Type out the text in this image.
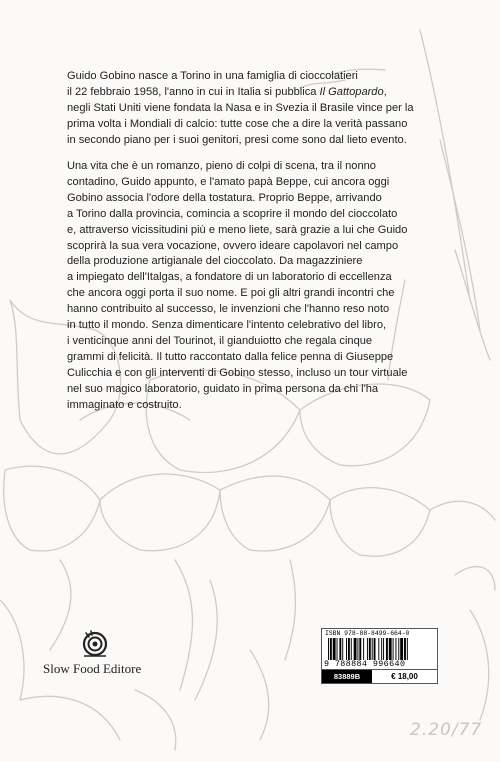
Guido Gobino nasce a Torino in una famiglia di cioccolatieri
il 22 febbraio 1958, l'anno in cui in Italia si pubblica Il Gattopardo,
negli Stati Uniti viene fondata la Nasa e in Svezia il Brasile vince per la
prima volta i Mondiali di calcio: tutte cose che a dire la verità passano
in secondo piano per i suoi genitori, presi come sono dal lieto evento.

Una vita che è un romanzo, pieno di colpi di scena, tra il nonno
contadino, Guido appunto, e l'amato papà Beppe, cui ancora oggi
Gobino associa l'odore della tostatura. Proprio Beppe, arrivando
a Torino dalla provincia, comincia a scoprire il mondo del cioccolato
e, attraverso vicissitudini più e meno liete, sarà grazie a lui che Guido
scoprirà la sua vera vocazione, ovvero ideare capolavori nel campo
della produzione artigianale del cioccolato. Da magazziniere
a impiegato dell'Italgas, a fondatore di un laboratorio di eccellenza
che ancora oggi porta il suo nome. E poi gli altri grandi incontri che
hanno contribuito al successo, le invenzioni che l'hanno reso noto
in tutto il mondo. Senza dimenticare l'intento celebrativo del libro,
i venticinque anni del Tourinot, il gianduiotto che regala cinque
grammi di felicità. Il tutto raccontato dalla felice penna di Giuseppe
Culicchia e con gli interventi di Gobino stesso, incluso un tour virtuale
nel suo magico laboratorio, guidato in prima persona da chi l'ha
immaginato e costruito.

Slow Food Editore
ISBN 978-88-8499-664-0
9 788884 996640
83889B	€ 18,00
2.20/77
